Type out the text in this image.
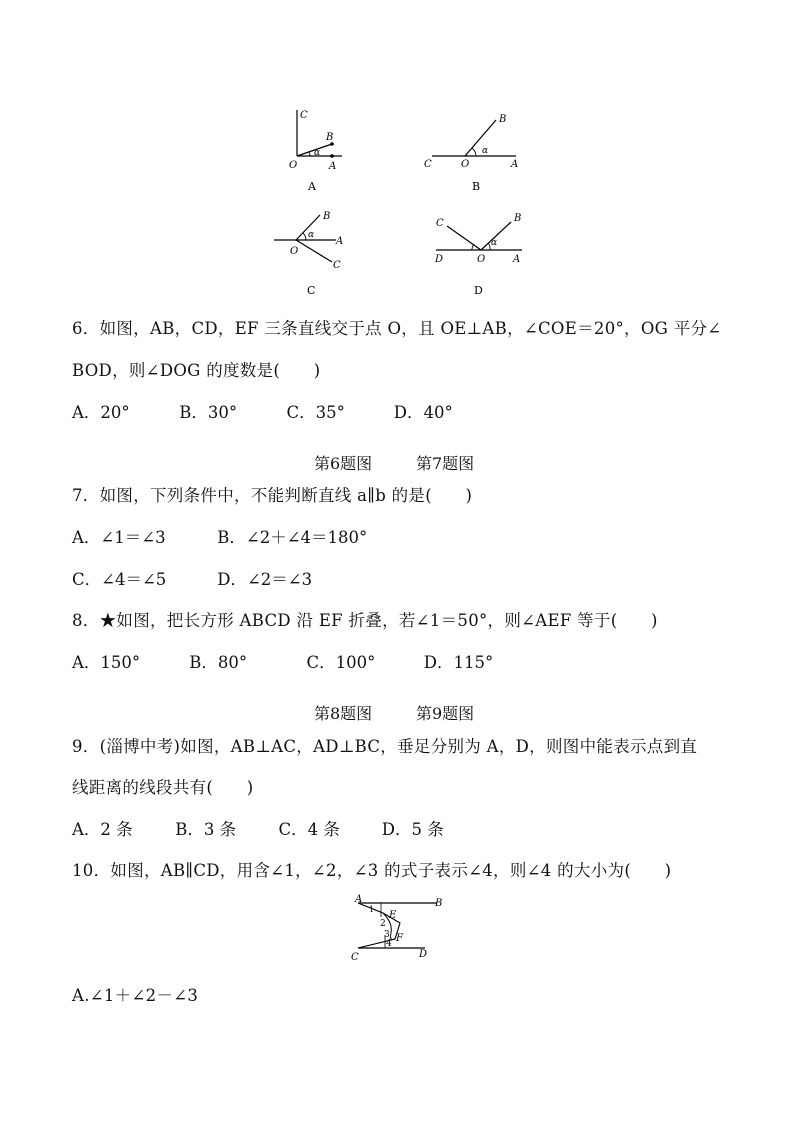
C
B
O	A
α
A
B
C	O	A
α
B
B
A
O
C
α
C
C	B
D	O	A
α
D
6．如图，AB，CD，EF 三条直线交于点 O，且 OE⊥AB，∠COE＝20°，OG 平分∠
BOD，则∠DOG 的度数是(　　)
A．20°	B．30°	C．35°	D．40°
第6题图	第7题图
7．如图，下列条件中，不能判断直线 a∥b 的是(　　)
A．∠1＝∠3	B．∠2＋∠4＝180°
C．∠4＝∠5	D．∠2＝∠3
8．★如图，把长方形 ABCD 沿 EF 折叠，若∠1＝50°，则∠AEF 等于(　　)
A．150°	B．80°	C．100°	D．115°
第8题图	第9题图
9．(淄博中考)如图，AB⊥AC，AD⊥BC，垂足分别为 A，D，则图中能表示点到直
线距离的线段共有(　　)
A．2 条	B．3 条	C．4 条	D．5 条
10．如图，AB∥CD，用含∠1，∠2，∠3 的式子表示∠4，则∠4 的大小为(　　)
A	B
C	D
E
F
1
2
3
4
A.∠1＋∠2－∠3
